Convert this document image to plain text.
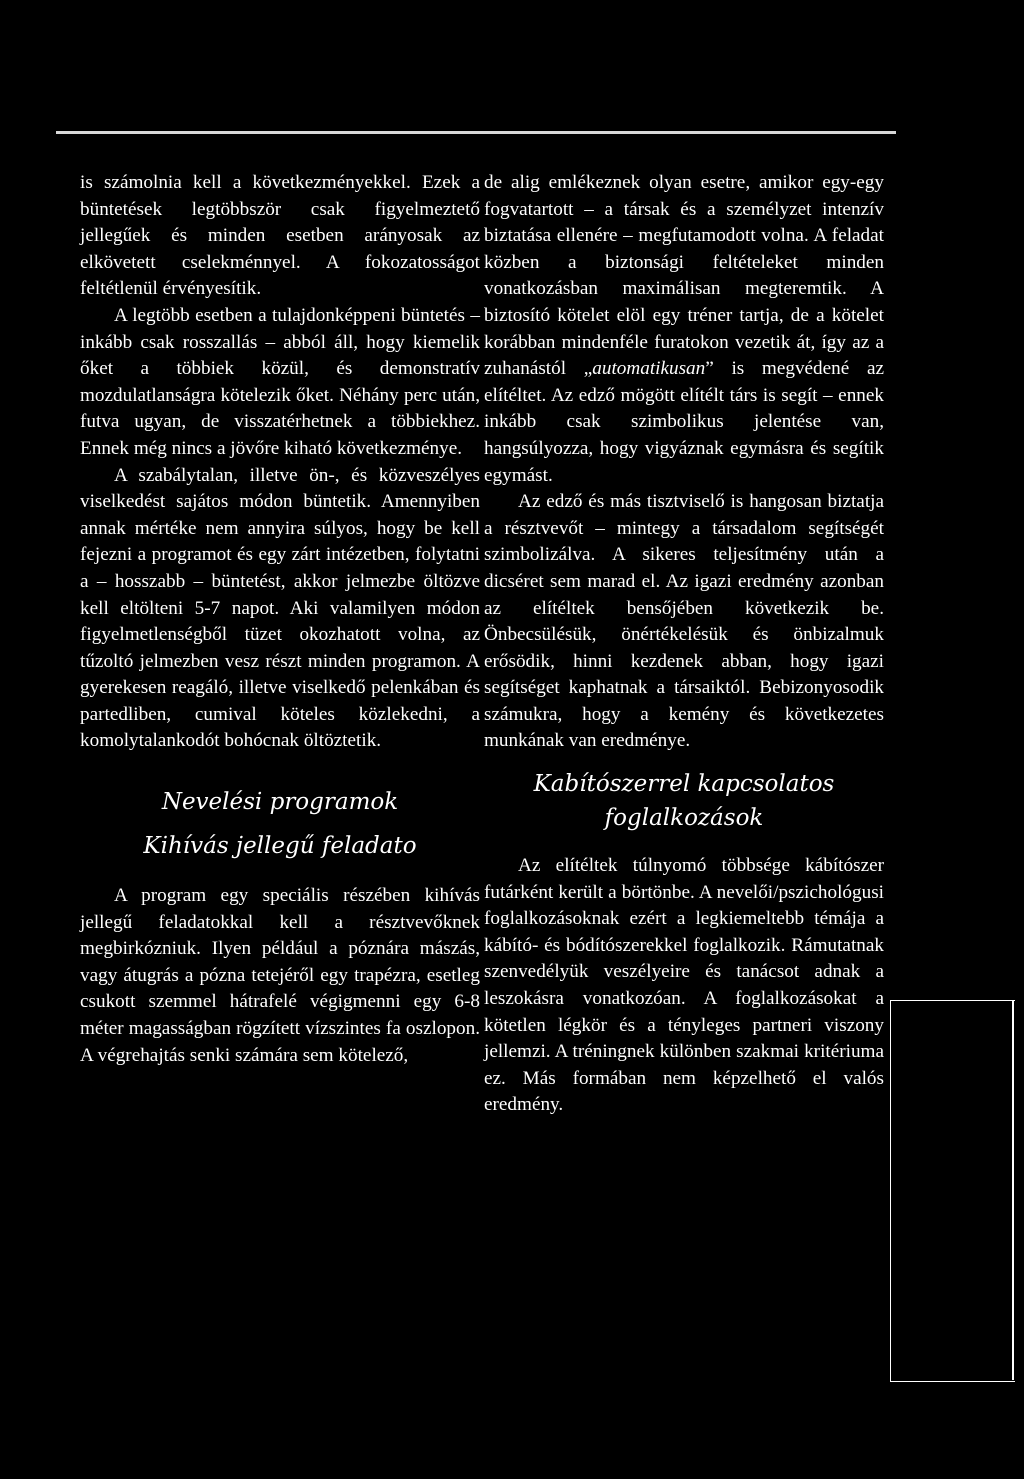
is számolnia kell a következményekkel. Ezek a büntetések legtöbbször csak figyelmeztető jellegűek és minden esetben arányosak az elkövetett cselekménnyel. A fokozatosságot feltétlenül érvényesítik.

A legtöbb esetben a tulajdonképpeni büntetés – inkább csak rosszallás – abból áll, hogy kiemelik őket a többiek közül, és demonstratív mozdulatlanságra kötelezik őket. Néhány perc után, futva ugyan, de visszatérhetnek a többiekhez. Ennek még nincs a jövőre kiható következménye.

A szabálytalan, illetve ön-, és közveszélyes viselkedést sajátos módon büntetik. Amennyiben annak mértéke nem annyira súlyos, hogy be kell fejezni a programot és egy zárt intézetben, folytatni a – hosszabb – büntetést, akkor jelmezbe öltözve kell eltölteni 5-7 napot. Aki valamilyen módon figyelmetlenségből tüzet okozhatott volna, az tűzoltó jelmezben vesz részt minden programon. A gyerekesen reagáló, illetve viselkedő pelenkában és partedliben, cumival köteles közlekedni, a komolytalankodót bohócnak öltöztetik.

Nevelési programok
Kihívás jellegű feladato

A program egy speciális részében kihívás jellegű feladatokkal kell a résztvevőknek megbirkózniuk. Ilyen például a póznára mászás, vagy átugrás a pózna tetejéről egy trapézra, esetleg csukott szemmel hátrafelé végigmenni egy 6-8 méter magasságban rögzített vízszintes fa oszlopon. A végrehajtás senki számára sem kötelező,

de alig emlékeznek olyan esetre, amikor egy-egy fogvatartott – a társak és a személyzet intenzív biztatása ellenére – megfutamodott volna. A feladat közben a biztonsági feltételeket minden vonatkozásban maximálisan megteremtik. A biztosító kötelet elöl egy tréner tartja, de a kötelet korábban mindenféle furatokon vezetik át, így az a zuhanástól „automatikusan” is megvédené az elítéltet. Az edző mögött elítélt társ is segít – ennek inkább csak szimbolikus jelentése van, hangsúlyozza, hogy vigyáznak egymásra és segítik egymást.

Az edző és más tisztviselő is hangosan biztatja a résztvevőt – mintegy a társadalom segítségét szimbolizálva. A sikeres teljesítmény után a dicséret sem marad el. Az igazi eredmény azonban az elítéltek bensőjében következik be. Önbecsülésük, önértékelésük és önbizalmuk erősödik, hinni kezdenek abban, hogy igazi segítséget kaphatnak a társaiktól. Bebizonyosodik számukra, hogy a kemény és következetes munkának van eredménye.

Kabítószerrel kapcsolatos
foglalkozások

Az elítéltek túlnyomó többsége kábítószer futárként került a börtönbe. A nevelői/pszichológusi foglalkozásoknak ezért a legkiemeltebb témája a kábító- és bódítószerekkel foglalkozik. Rámutatnak szenvedélyük veszélyeire és tanácsot adnak a leszokásra vonatkozóan. A foglalkozásokat a kötetlen légkör és a tényleges partneri viszony jellemzi. A tréningnek különben szakmai kritériuma ez. Más formában nem képzelhető el valós eredmény.
